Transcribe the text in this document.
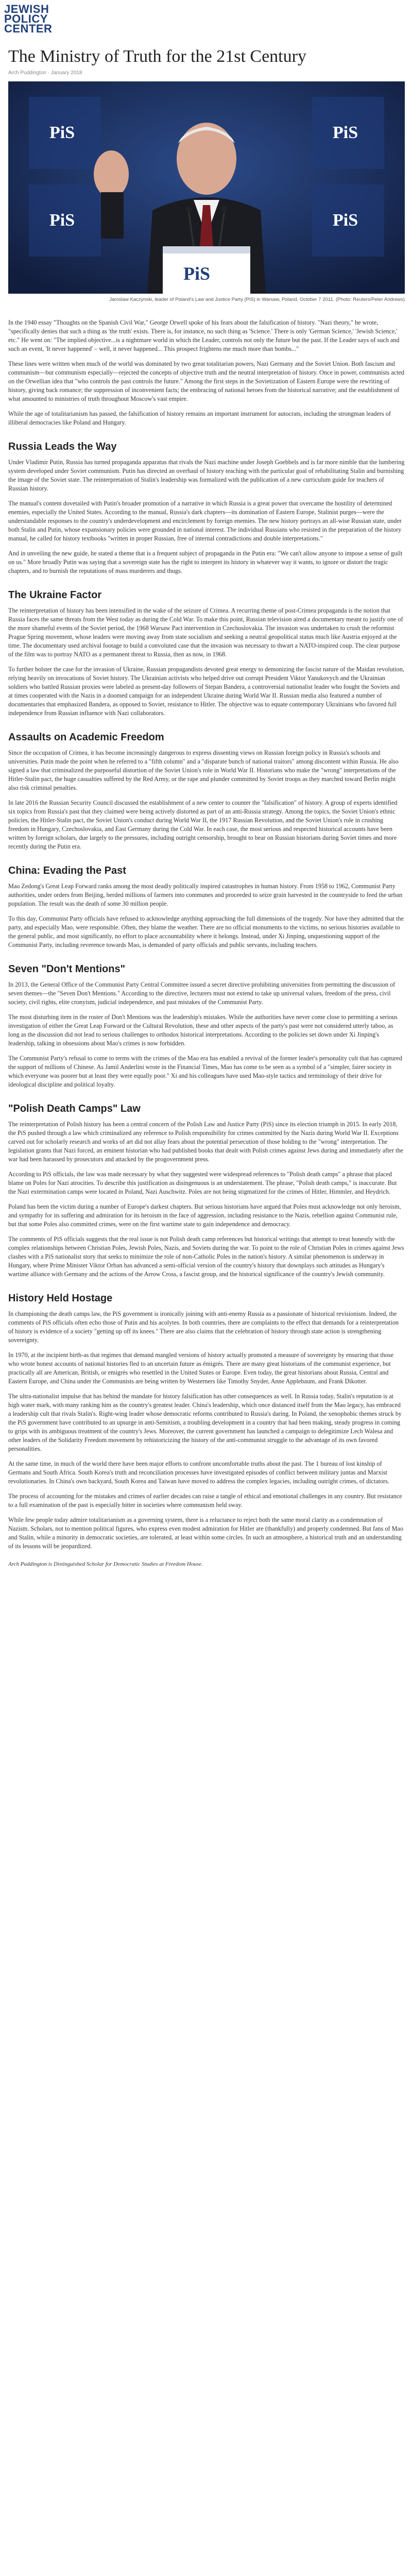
JEWISH
POLICY
CENTER
The Ministry of Truth for the 21st Century
Arch Puddington · January 2018
PiS	PiS
PiS	PiS
PiS
Jaroslaw Kaczynski, leader of Poland's Law and Justice Party (PiS) in Warsaw, Poland, October 7 2011. (Photo: Reuters/Peter Andrews)

In the 1940 essay "Thoughts on the Spanish Civil War," George Orwell spoke of his fears about the falsification of history. "Nazi theory," he wrote, "specifically denies that such a thing as 'the truth' exists. There is, for instance, no such thing as 'Science.' There is only 'German Science,' 'Jewish Science,' etc." He went on: "The implied objective...is a nightmare world in which the Leader, controls not only the future but the past. If the Leader says of such and such an event, 'It never happened' – well, it never happened... This prospect frightens me much more than bombs..."

These lines were written when much of the world was dominated by two great totalitarian powers, Nazi Germany and the Soviet Union. Both fascism and communism—but communism especially—rejected the concepts of objective truth and the neutral interpretation of history. Once in power, communists acted on the Orwellian idea that "who controls the past controls the future." Among the first steps in the Sovietization of Eastern Europe were the rewriting of history, giving back romance; the suppression of inconvenient facts; the embracing of national heroes from the historical narrative; and the establishment of what amounted to ministries of truth throughout Moscow's vast empire.

While the age of totalitarianism has passed, the falsification of history remains an important instrument for autocrats, including the strongman leaders of illiberal democracies like Poland and Hungary.

Russia Leads the Way

Under Vladimir Putin, Russia has turned propaganda apparatus that rivals the Nazi machine under Joseph Goebbels and is far more nimble that the lumbering system developed under Soviet communism. Putin has directed an overhaul of history teaching with the particular goal of rehabilitating Stalin and burnishing the image of the Soviet state. The reinterpretation of Stalin's leadership was formalized with the publication of a new curriculum guide for teachers of Russian history.

The manual's content dovetailed with Putin's broader promotion of a narrative in which Russia is a great power that overcame the hostility of determined enemies, especially the United States. According to the manual, Russia's dark chapters—its domination of Eastern Europe, Stalinist purges—were the understandable responses to the country's underdevelopment and encirclement by foreign enemies. The new history portrays an all-wise Russian state, under both Stalin and Putin, whose expansionary policies were grounded in national interest. The individual Russians who resisted in the preparation of the history manual, he called for history textbooks "written in proper Russian, free of internal contradictions and double interpretations."

And in unveiling the new guide, he stated a theme that is a frequent subject of propaganda in the Putin era: "We can't allow anyone to impose a sense of guilt on us." More broadly Putin was saying that a sovereign state has the right to interpret its history in whatever way it wants, to ignore or distort the tragic chapters, and to burnish the reputations of mass murderers and thugs.

The Ukraine Factor

The reinterpretation of history has been intensified in the wake of the seizure of Crimea. A recurring theme of post-Crimea propaganda is the notion that Russia faces the same threats from the West today as during the Cold War. To make this point, Russian television aired a documentary meant to justify one of the more shameful events of the Soviet period, the 1968 Warsaw Pact intervention in Czechoslovakia. The invasion was undertaken to crush the reformist Prague Spring movement, whose leaders were moving away from state socialism and seeking a neutral geopolitical status much like Austria enjoyed at the time. The documentary used archival footage to build a convoluted case that the invasion was necessary to thwart a NATO-inspired coup. The clear purpose of the film was to portray NATO as a permanent threat to Russia, then as now, in 1968.

To further bolster the case for the invasion of Ukraine, Russian propagandists devoted great energy to demonizing the fascist nature of the Maidan revolution, relying heavily on invocations of Soviet history. The Ukrainian activists who helped drive out corrupt President Viktor Yanukovych and the Ukrainian soldiers who battled Russian proxies were labeled as present-day followers of Stepan Bandera, a controversial nationalist leader who fought the Soviets and at times cooperated with the Nazis in a doomed campaign for an independent Ukraine during World War II. Russian media also featured a number of documentaries that emphasized Bandera, as opposed to Soviet, resistance to Hitler. The objective was to equate contemporary Ukrainians who favored full independence from Russian influence with Nazi collaborators.

Assaults on Academic Freedom

Since the occupation of Crimea, it has become increasingly dangerous to express dissenting views on Russian foreign policy in Russia's schools and universities. Putin made the point when he referred to a "fifth column" and a "disparate bunch of national traitors" among discontent within Russia. He also signed a law that criminalized the purposeful distortion of the Soviet Union's role in World War II. Historians who make the "wrong" interpretations of the Hitler-Stalin pact, the huge casualties suffered by the Red Army, or the rape and plunder committed by Soviet troops as they marched toward Berlin might also risk criminal penalties.

In late 2016 the Russian Security Council discussed the establishment of a new center to counter the "falsification" of history. A group of experts identified six topics from Russia's past that they claimed were being actively distorted as part of an anti-Russia strategy. Among the topics, the Soviet Union's ethnic policies, the Hitler-Stalin pact, the Soviet Union's conduct during World War II, the 1917 Russian Revolution, and the Soviet Union's role in crushing freedom in Hungary, Czechoslovakia, and East Germany during the Cold War. In each case, the most serious and respected historical accounts have been written by foreign scholars, due largely to the pressures, including outright censorship, brought to bear on Russian historians during Soviet times and more recently during the Putin era.

China: Evading the Past

Mao Zedong's Great Leap Forward ranks among the most deadly politically inspired catastrophes in human history. From 1958 to 1962, Communist Party authorities, under orders from Beijing, herded millions of farmers into communes and proceeded to seize grain harvested in the countryside to feed the urban population. The result was the death of some 30 million people.

To this day, Communist Party officials have refused to acknowledge anything approaching the full dimensions of the tragedy. Nor have they admitted that the party, and especially Mao, were responsible. Often, they blame the weather. There are no official monuments to the victims, no serious histories available to the general public, and most significantly, no effort to place accountability where it belongs. Instead, under Xi Jinping, unquestioning support of the Communist Party, including reverence towards Mao, is demanded of party officials and public servants, including teachers.

Seven "Don't Mentions"

In 2013, the General Office of the Communist Party Central Committee issued a secret directive prohibiting universities from permitting the discussion of seven themes—the "Seven Don't Mentions." According to the directive, lecturers must not extend to take up universal values, freedom of the press, civil society, civil rights, elite cronyism, judicial independence, and past mistakes of the Communist Party.

The most disturbing item in the roster of Don't Mentions was the leadership's mistakes. While the authorities have never come close to permitting a serious investigation of either the Great Leap Forward or the Cultural Revolution, these and other aspects of the party's past were not considered utterly taboo, as long as the discussion did not lead to serious challenges to orthodox historical interpretations. According to the policies set down under Xi Jinping's leadership, talking in obsessions about Mao's crimes is now forbidden.

The Communist Party's refusal to come to terms with the crimes of the Mao era has enabled a revival of the former leader's personality cult that has captured the support of millions of Chinese. As Jamil Anderlini wrote in the Financial Times, Mao has come to be seen as a symbol of a "simpler, fairer society in which everyone was poorer but at least they were equally poor." Xi and his colleagues have used Mao-style tactics and terminology of their drive for ideological discipline and political loyalty.

"Polish Death Camps" Law

The reinterpretation of Polish history has been a central concern of the Polish Law and Justice Party (PiS) since its election triumph in 2015. In early 2018, the PiS pushed through a law which criminalized any reference to Polish responsibility for crimes committed by the Nazis during World War II. Exceptions carved out for scholarly research and works of art did not allay fears about the potential persecution of those holding to the "wrong" interpretation. The legislation grants that Nazi forced, an eminent historian who had published books that dealt with Polish crimes against Jews during and immediately after the war had been harassed by prosecutors and attacked by the progovernment press.

According to PiS officials, the law was made necessary by what they suggested were widespread references to "Polish death camps" a phrase that placed blame on Poles for Nazi atrocities. To describe this justification as disingenuous is an understatement. The phrase, "Polish death camps," is inaccurate. But the Nazi extermination camps were located in Poland, Nazi Auschwitz. Poles are not being stigmatized for the crimes of Hitler, Himmler, and Heydrich.

Poland has been the victim during a number of Europe's darkest chapters. But serious historians have argued that Poles must acknowledge not only heroism, and sympathy for its suffering and admiration for its heroism in the face of aggression, including resistance to the Nazis, rebellion against Communist rule, but that some Poles also committed crimes, were on the first wartime state to gain independence and democracy.

The comments of PiS officials suggests that the real issue is not Polish death camp references but historical writings that attempt to treat honestly with the complex relationships between Christian Poles, Jewish Poles, Nazis, and Soviets during the war. To point to the role of Christian Poles in crimes against Jews clashes with a PiS nationalist story that seeks to minimize the role of non-Catholic Poles in the nation's history. A similar phenomenon is underway in Hungary, where Prime Minister Viktor Orban has advanced a semi-official version of the country's history that downplays such attitudes as Hungary's wartime alliance with Germany and the actions of the Arrow Cross, a fascist group, and the historical significance of the country's Jewish community.

History Held Hostage

In championing the death camps law, the PiS government is ironically joining with anti-enemy Russia as a passionate of historical revisionism. Indeed, the comments of PiS officials often echo those of Putin and his acolytes. In both countries, there are complaints to the effect that demands for a reinterpretation of history is evidence of a society "getting up off its knees." There are also claims that the celebration of history through state action is strengthening sovereignty.

In 1970, at the incipient birth-as that regimes that demand mangled versions of history actually promoted a measure of sovereignty by ensuring that those who wrote honest accounts of national histories fled to an uncertain future as émigrés. There are many great historians of the communist experience, but practically all are American, British, or emigrés who resettled in the United States or Europe. Even today, the great historians about Russia, Central and Eastern Europe, and China under the Communists are being written by Westerners like Timothy Snyder, Anne Applebaum, and Frank Dikotter.

The ultra-nationalist impulse that has behind the mandate for history falsification has other consequences as well. In Russia today, Stalin's reputation is at high water mark, with many ranking him as the country's greatest leader. China's leadership, which once distanced itself from the Mao legacy, has embraced a leadership cult that rivals Stalin's. Right-wing leader whose democratic reforms contributed to Russia's daring. In Poland, the xenophobic themes struck by the PiS government have contributed to an upsurge in anti-Semitism, a troubling development in a country that had been making, steady progress in coming to grips with its ambiguous treatment of the country's Jews. Moreover, the current government has launched a campaign to delegitimize Lech Walesa and other leaders of the Solidarity Freedom movement by rehistoricizing the history of the anti-communist struggle to the advantage of its own favored personalities.

At the same time, in much of the world there have been major efforts to confront uncomfortable truths about the past. The 1 bureau of lost kinship of Germans and South Africa. South Korea's truth and reconciliation processes have investigated episodes of conflict between military juntas and Marxist revolutionaries. In China's own backyard, South Korea and Taiwan have moved to address the complex legacies, including outright crimes, of dictators.

The process of accounting for the mistakes and crimes of earlier decades can raise a tangle of ethical and emotional challenges in any country. But resistance to a full examination of the past is especially bitter in societies where communism held sway.

While few people today admire totalitarianism as a governing system, there is a reluctance to reject both the same moral clarity as a condemnation of Nazism. Scholars, not to mention political figures, who express even modest admiration for Hitler are (thankfully) and properly condemned. But fans of Mao and Stalin, while a minority in democratic societies, are tolerated, at least within some circles. In such an atmosphere, a historical truth and an understanding of its lessons will be jeopardized.

Arch Puddington is Distinguished Scholar for Democratic Studies at Freedom House.
